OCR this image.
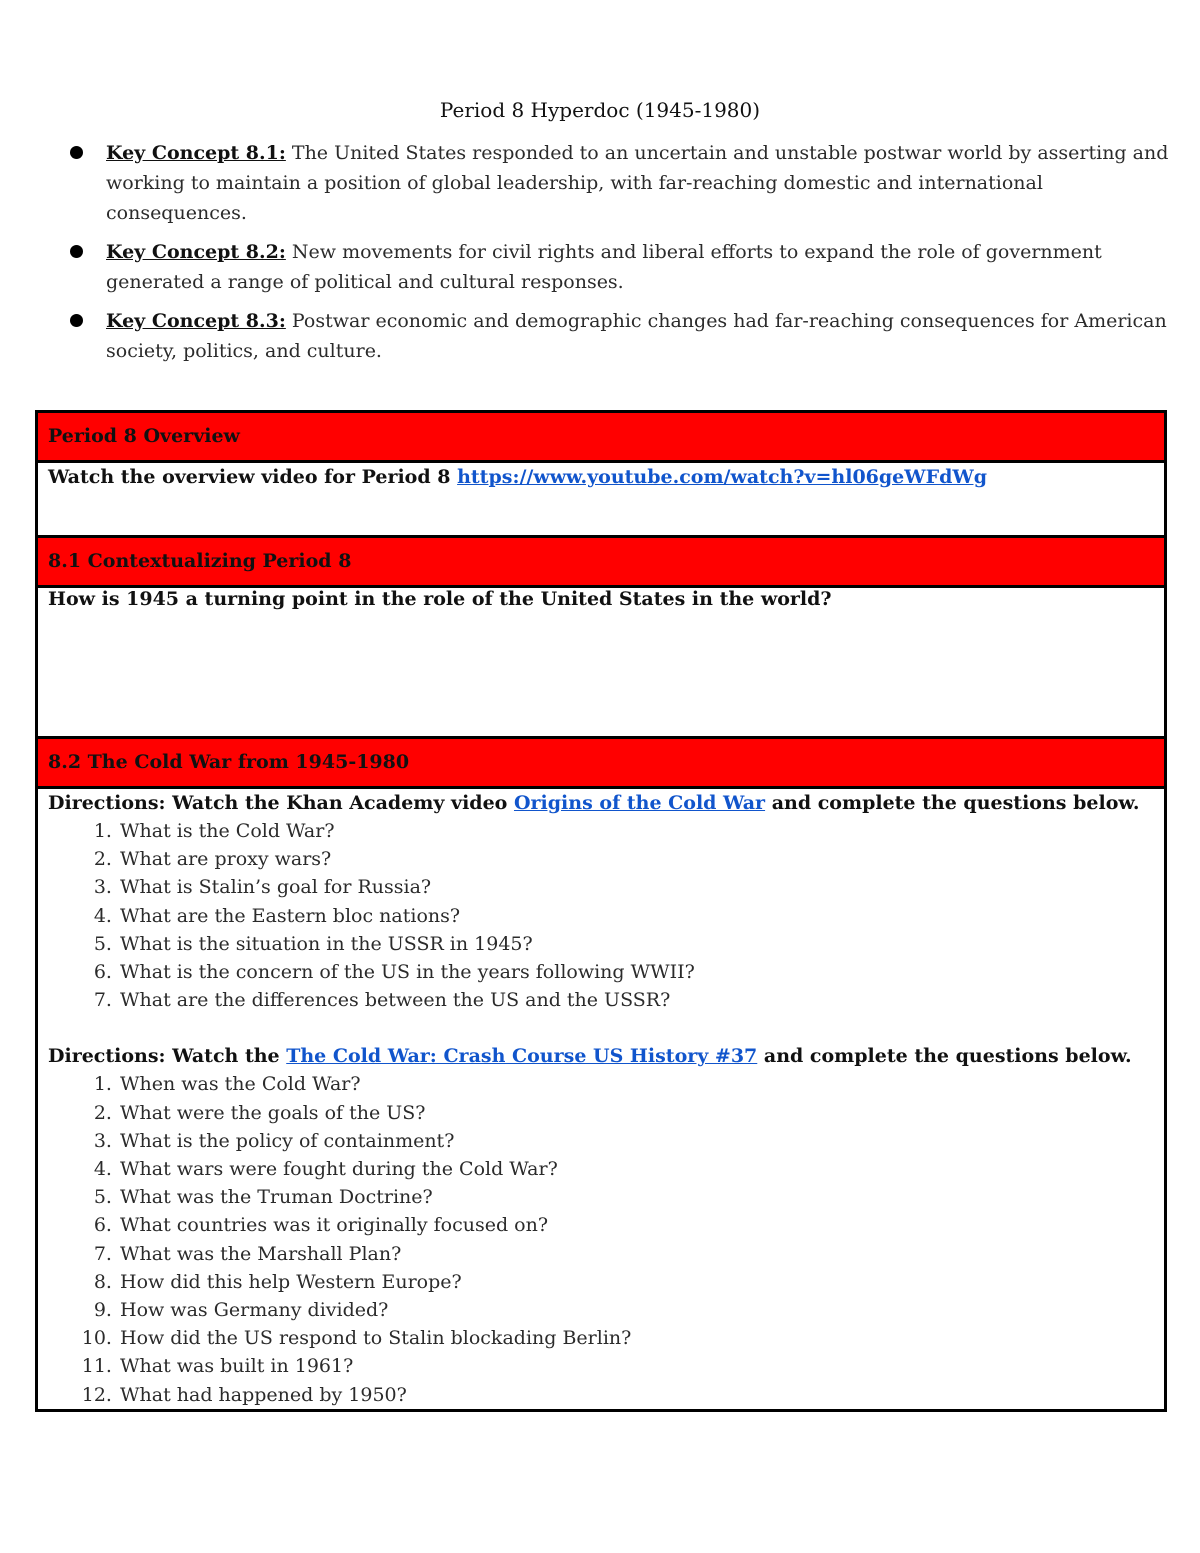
Period 8 Hyperdoc (1945-1980)
Key Concept 8.1: The United States responded to an uncertain and unstable postwar world by asserting and working to maintain a position of global leadership, with far-reaching domestic and international consequences.
Key Concept 8.2: New movements for civil rights and liberal efforts to expand the role of government generated a range of political and cultural responses.
Key Concept 8.3: Postwar economic and demographic changes had far-reaching consequences for American society, politics, and culture.
Period 8 Overview
Watch the overview video for Period 8 https://www.youtube.com/watch?v=hl06geWFdWg
8.1 Contextualizing Period 8
How is 1945 a turning point in the role of the United States in the world?
8.2 The Cold War from 1945-1980

Directions: Watch the Khan Academy video Origins of the Cold War and complete the questions below.
1. What is the Cold War?
2. What are proxy wars?
3. What is Stalin’s goal for Russia?
4. What are the Eastern bloc nations?
5. What is the situation in the USSR in 1945?
6. What is the concern of the US in the years following WWII?
7. What are the differences between the US and the USSR?
Directions: Watch the The Cold War: Crash Course US History #37 and complete the questions below.
1. When was the Cold War?
2. What were the goals of the US?
3. What is the policy of containment?
4. What wars were fought during the Cold War?
5. What was the Truman Doctrine?
6. What countries was it originally focused on?
7. What was the Marshall Plan?
8. How did this help Western Europe?
9. How was Germany divided?
10. How did the US respond to Stalin blockading Berlin?
11. What was built in 1961?
12. What had happened by 1950?
